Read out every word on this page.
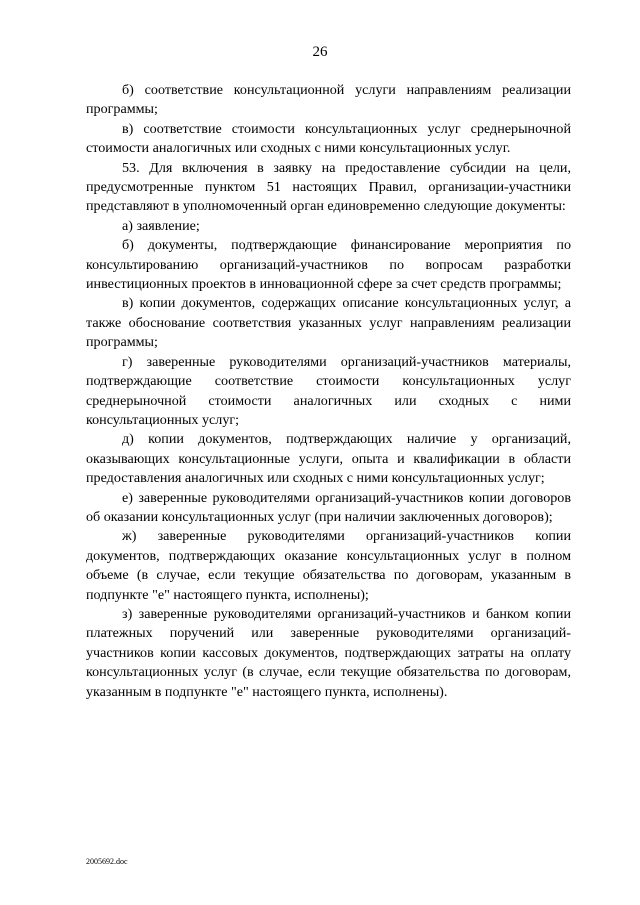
26

б) соответствие консультационной услуги направлениям реализации программы;

в) соответствие стоимости консультационных услуг среднерыночной стоимости аналогичных или сходных с ними консультационных услуг.

53. Для включения в заявку на предоставление субсидии на цели, предусмотренные пунктом 51 настоящих Правил, организации-участники представляют в уполномоченный орган единовременно следующие документы:

а) заявление;

б) документы, подтверждающие финансирование мероприятия по консультированию организаций-участников по вопросам разработки инвестиционных проектов в инновационной сфере за счет средств программы;

в) копии документов, содержащих описание консультационных услуг, а также обоснование соответствия указанных услуг направлениям реализации программы;

г) заверенные руководителями организаций-участников материалы, подтверждающие соответствие стоимости консультационных услуг среднерыночной стоимости аналогичных или сходных с ними консультационных услуг;

д) копии документов, подтверждающих наличие у организаций, оказывающих консультационные услуги, опыта и квалификации в области предоставления аналогичных или сходных с ними консультационных услуг;

е) заверенные руководителями организаций-участников копии договоров об оказании консультационных услуг (при наличии заключенных договоров);

ж) заверенные руководителями организаций-участников копии документов, подтверждающих оказание консультационных услуг в полном объеме (в случае, если текущие обязательства по договорам, указанным в подпункте "е" настоящего пункта, исполнены);

з) заверенные руководителями организаций-участников и банком копии платежных поручений или заверенные руководителями организаций-участников копии кассовых документов, подтверждающих затраты на оплату консультационных услуг (в случае, если текущие обязательства по договорам, указанным в подпункте "е" настоящего пункта, исполнены).

2005692.doc
